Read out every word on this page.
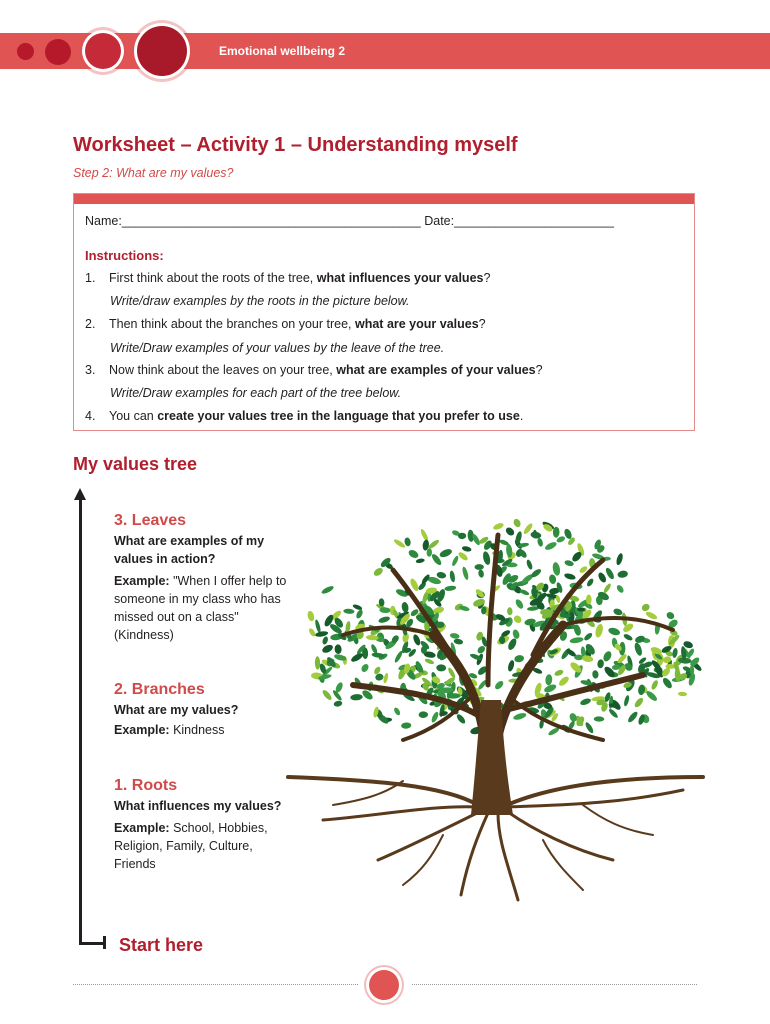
Emotional wellbeing 2
Worksheet – Activity 1 – Understanding myself
Step 2: What are my values?
Name:___________________________________________ Date:_______________________
Instructions:
1. First think about the roots of the tree, what influences your values?
Write/draw examples by the roots in the picture below.
2. Then think about the branches on your tree, what are your values?
Write/Draw examples of your values by the leave of the tree.
3. Now think about the leaves on your tree, what are examples of your values?
Write/Draw examples for each part of the tree below.
4. You can create your values tree in the language that you prefer to use.
My values tree
3. Leaves
What are examples of my
values in action?
Example: "When I offer help to
someone in my class who has
missed out on a class"
(Kindness)
2. Branches
What are my values?
Example: Kindness
1. Roots
What influences my values?
Example: School, Hobbies,
Religion, Family, Culture,
Friends
Start here
